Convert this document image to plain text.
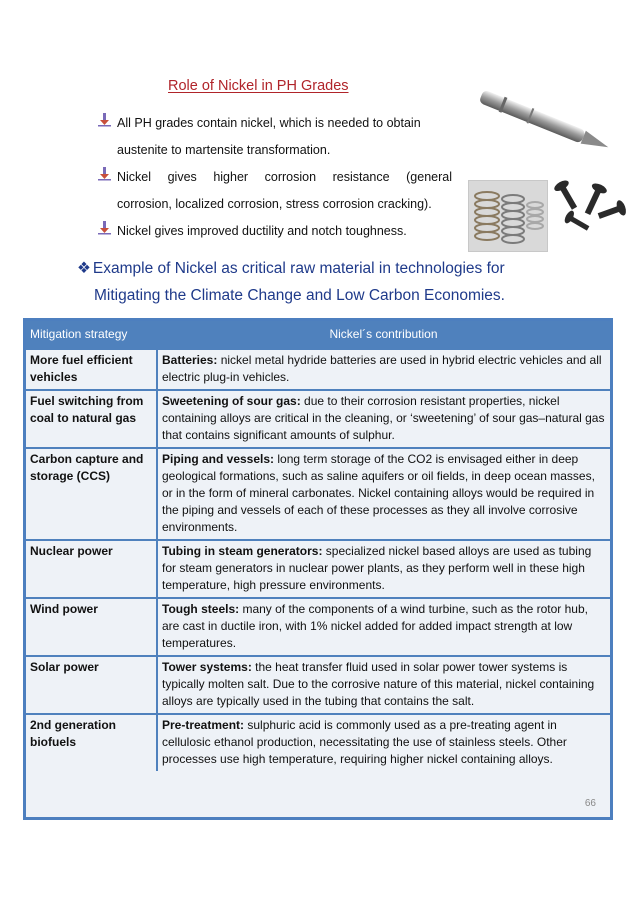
Role of Nickel in PH Grades
All PH grades contain nickel, which is needed to obtain
austenite to martensite transformation.
Nickel gives higher corrosion resistance (general
corrosion, localized corrosion, stress corrosion cracking).
Nickel gives improved ductility and notch toughness.
❖ Example of Nickel as critical raw material in technologies for
Mitigating the Climate Change and Low Carbon Economies.
Mitigation strategy	Nickel´s contribution
More fuel efficient vehicles	Batteries: nickel metal hydride batteries are used in hybrid electric vehicles and all electric plug-in vehicles.
Fuel switching from coal to natural gas	Sweetening of sour gas: due to their corrosion resistant properties, nickel containing alloys are critical in the cleaning, or ‘sweetening’ of sour gas–natural gas that contains significant amounts of sulphur.
Carbon capture and storage (CCS)	Piping and vessels: long term storage of the CO2 is envisaged either in deep geological formations, such as saline aquifers or oil fields, in deep ocean masses, or in the form of mineral carbonates. Nickel containing alloys would be required in the piping and vessels of each of these processes as they all involve corrosive environments.
Nuclear power	Tubing in steam generators: specialized nickel based alloys are used as tubing for steam generators in nuclear power plants, as they perform well in these high temperature, high pressure environments.
Wind power	Tough steels: many of the components of a wind turbine, such as the rotor hub, are cast in ductile iron, with 1% nickel added for added impact strength at low temperatures.
Solar power	Tower systems: the heat transfer fluid used in solar power tower systems is typically molten salt. Due to the corrosive nature of this material, nickel containing alloys are typically used in the tubing that contains the salt.
2nd generation biofuels	Pre-treatment: sulphuric acid is commonly used as a pre-treating agent in cellulosic ethanol production, necessitating the use of stainless steels. Other processes use high temperature, requiring higher nickel containing alloys.
66
